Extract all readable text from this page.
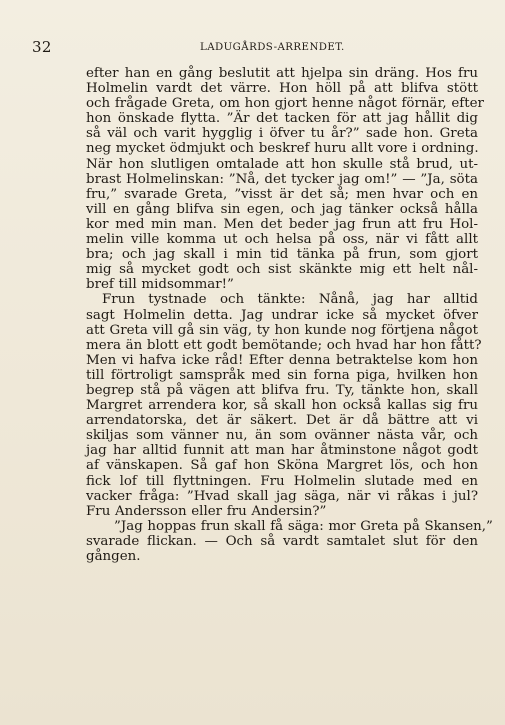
32	LADUGÅRDS-ARRENDET.
efter han en gång beslutit att hjelpa sin dräng. Hos fru
Holmelin vardt det värre. Hon höll på att blifva stött
och frågade Greta, om hon gjort henne något förnär, efter
hon önskade flytta. ”Är det tacken för att jag hållit dig
så väl och varit hygglig i öfver tu år?” sade hon. Greta
neg mycket ödmjukt och beskref huru allt vore i ordning.
När hon slutligen omtalade att hon skulle stå brud, ut-
brast Holmelinskan: ”Nå, det tycker jag om!” — ”Ja, söta
fru,” svarade Greta, ”visst är det så; men hvar och en
vill en gång blifva sin egen, och jag tänker också hålla
kor med min man. Men det beder jag frun att fru Hol-
melin ville komma ut och helsa på oss, när vi fått allt
bra; och jag skall i min tid tänka på frun, som gjort
mig så mycket godt och sist skänkte mig ett helt nål-
bref till midsommar!”
Frun tystnade och tänkte: Nånå, jag har alltid
sagt Holmelin detta. Jag undrar icke så mycket öfver
att Greta vill gå sin väg, ty hon kunde nog förtjena något
mera än blott ett godt bemötande; och hvad har hon fått?
Men vi hafva icke råd! Efter denna betraktelse kom hon
till förtroligt samspråk med sin forna piga, hvilken hon
begrep stå på vägen att blifva fru. Ty, tänkte hon, skall
Margret arrendera kor, så skall hon också kallas sig fru
arrendatorska, det är säkert. Det är då bättre att vi
skiljas som vänner nu, än som ovänner nästa vår, och
jag har alltid funnit att man har åtminstone något godt
af vänskapen. Så gaf hon Sköna Margret lös, och hon
fick lof till flyttningen. Fru Holmelin slutade med en
vacker fråga: ”Hvad skall jag säga, när vi råkas i jul?
Fru Andersson eller fru Andersin?”
”Jag hoppas frun skall få säga: mor Greta på Skansen,”
svarade flickan. — Och så vardt samtalet slut för den
gången.
